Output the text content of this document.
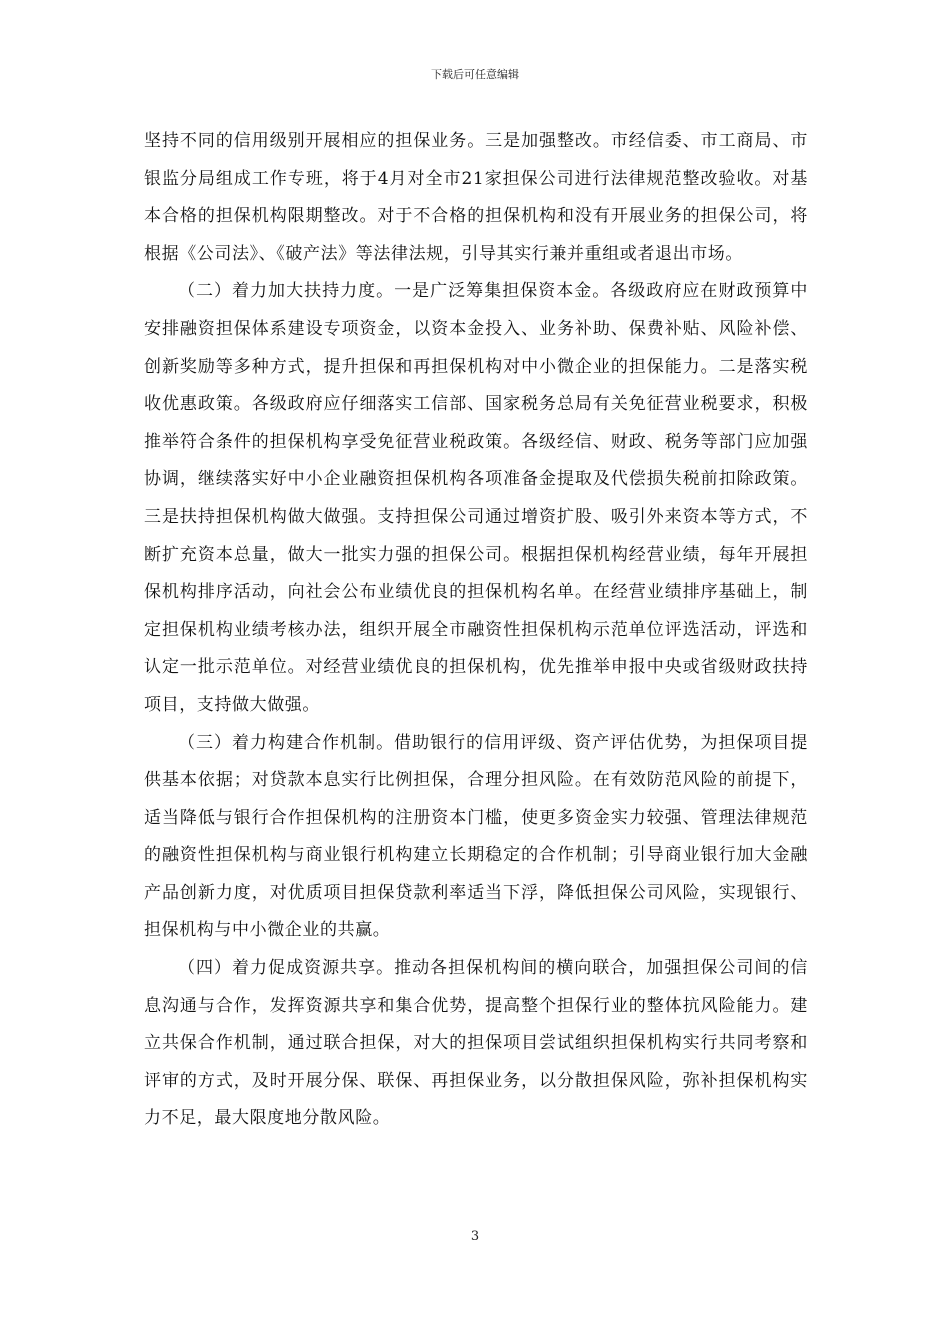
下载后可任意编辑

坚持不同的信用级别开展相应的担保业务。三是加强整改。市经信委、市工商局、市银监分局组成工作专班，将于4月对全市21家担保公司进行法律规范整改验收。对基本合格的担保机构限期整改。对于不合格的担保机构和没有开展业务的担保公司，将根据《公司法》、《破产法》等法律法规，引导其实行兼并重组或者退出市场。

（二）着力加大扶持力度。一是广泛筹集担保资本金。各级政府应在财政预算中安排融资担保体系建设专项资金，以资本金投入、业务补助、保费补贴、风险补偿、创新奖励等多种方式，提升担保和再担保机构对中小微企业的担保能力。二是落实税收优惠政策。各级政府应仔细落实工信部、国家税务总局有关免征营业税要求，积极推举符合条件的担保机构享受免征营业税政策。各级经信、财政、税务等部门应加强协调，继续落实好中小企业融资担保机构各项准备金提取及代偿损失税前扣除政策。三是扶持担保机构做大做强。支持担保公司通过增资扩股、吸引外来资本等方式，不断扩充资本总量，做大一批实力强的担保公司。根据担保机构经营业绩，每年开展担保机构排序活动，向社会公布业绩优良的担保机构名单。在经营业绩排序基础上，制定担保机构业绩考核办法，组织开展全市融资性担保机构示范单位评选活动，评选和认定一批示范单位。对经营业绩优良的担保机构，优先推举申报中央或省级财政扶持项目，支持做大做强。

（三）着力构建合作机制。借助银行的信用评级、资产评估优势，为担保项目提供基本依据；对贷款本息实行比例担保，合理分担风险。在有效防范风险的前提下，适当降低与银行合作担保机构的注册资本门槛，使更多资金实力较强、管理法律规范的融资性担保机构与商业银行机构建立长期稳定的合作机制；引导商业银行加大金融产品创新力度，对优质项目担保贷款利率适当下浮，降低担保公司风险，实现银行、担保机构与中小微企业的共赢。

（四）着力促成资源共享。推动各担保机构间的横向联合，加强担保公司间的信息沟通与合作，发挥资源共享和集合优势，提高整个担保行业的整体抗风险能力。建立共保合作机制，通过联合担保，对大的担保项目尝试组织担保机构实行共同考察和评审的方式，及时开展分保、联保、再担保业务，以分散担保风险，弥补担保机构实力不足，最大限度地分散风险。

3
